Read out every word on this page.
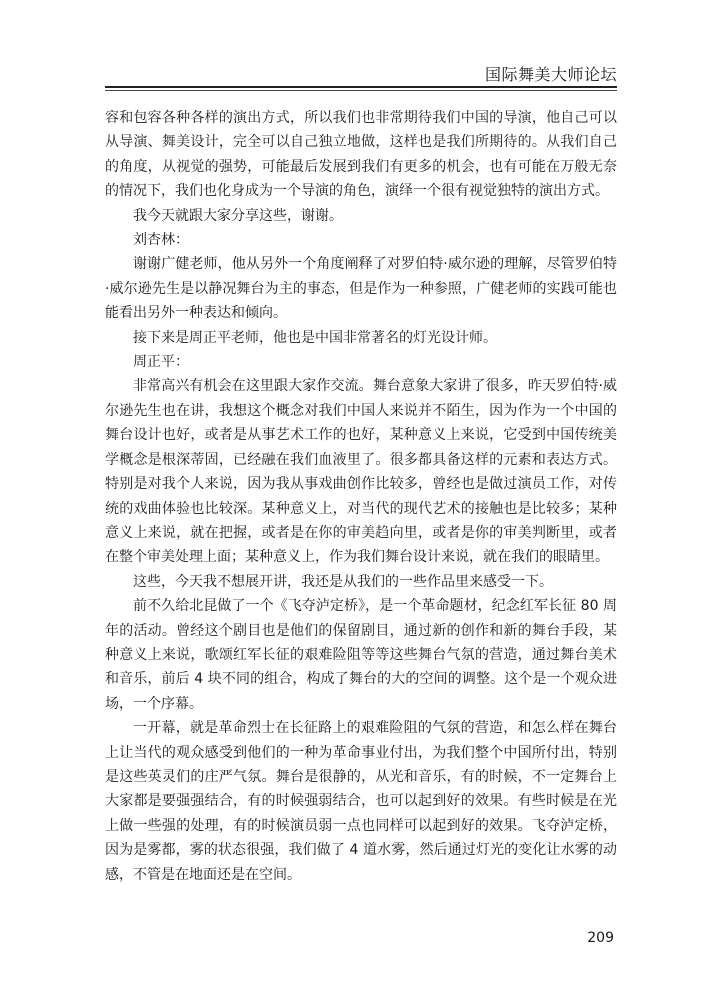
国际舞美大师论坛

容和包容各种各样的演出方式，所以我们也非常期待我们中国的导演，他自己可以从导演、舞美设计，完全可以自己独立地做，这样也是我们所期待的。从我们自己的角度，从视觉的强势，可能最后发展到我们有更多的机会，也有可能在万般无奈的情况下，我们也化身成为一个导演的角色，演绎一个很有视觉独特的演出方式。

我今天就跟大家分享这些，谢谢。

刘杏林：

谢谢广健老师，他从另外一个角度阐释了对罗伯特·威尔逊的理解，尽管罗伯特·威尔逊先生是以静况舞台为主的事态，但是作为一种参照，广健老师的实践可能也能看出另外一种表达和倾向。

接下来是周正平老师，他也是中国非常著名的灯光设计师。

周正平：

非常高兴有机会在这里跟大家作交流。舞台意象大家讲了很多，昨天罗伯特·威尔逊先生也在讲，我想这个概念对我们中国人来说并不陌生，因为作为一个中国的舞台设计也好，或者是从事艺术工作的也好，某种意义上来说，它受到中国传统美学概念是根深蒂固，已经融在我们血液里了。很多都具备这样的元素和表达方式。特别是对我个人来说，因为我从事戏曲创作比较多，曾经也是做过演员工作，对传统的戏曲体验也比较深。某种意义上，对当代的现代艺术的接触也是比较多；某种意义上来说，就在把握，或者是在你的审美趋向里，或者是你的审美判断里，或者在整个审美处理上面；某种意义上，作为我们舞台设计来说，就在我们的眼睛里。

这些，今天我不想展开讲，我还是从我们的一些作品里来感受一下。

前不久给北昆做了一个《飞夺泸定桥》，是一个革命题材，纪念红军长征 80 周年的活动。曾经这个剧目也是他们的保留剧目，通过新的创作和新的舞台手段，某种意义上来说，歌颂红军长征的艰难险阻等等这些舞台气氛的营造，通过舞台美术和音乐，前后 4 块不同的组合，构成了舞台的大的空间的调整。这个是一个观众进场，一个序幕。

一开幕，就是革命烈士在长征路上的艰难险阻的气氛的营造，和怎么样在舞台上让当代的观众感受到他们的一种为革命事业付出，为我们整个中国所付出，特别是这些英灵们的庄严气氛。舞台是很静的，从光和音乐，有的时候，不一定舞台上大家都是要强强结合，有的时候强弱结合，也可以起到好的效果。有些时候是在光上做一些强的处理，有的时候演员弱一点也同样可以起到好的效果。飞夺泸定桥，因为是雾都，雾的状态很强，我们做了 4 道水雾，然后通过灯光的变化让水雾的动感，不管是在地面还是在空间。

209
